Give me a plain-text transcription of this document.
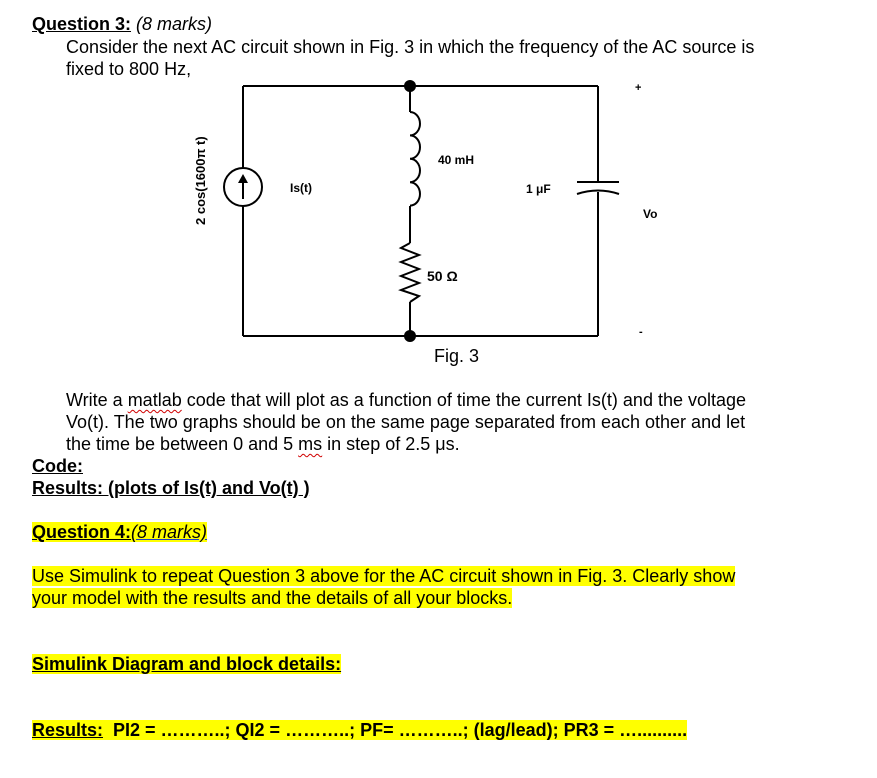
Question 3: (8 marks)
Consider the next AC circuit shown in Fig. 3 in which the frequency of the AC source is
fixed to 800 Hz,
2 cos(1600π t)	Is(t)
40 mH
50 Ω
1 μF
Vo
+
-
Fig. 3
Write a matlab code that will plot as a function of time the current Is(t) and the voltage
Vo(t). The two graphs should be on the same page separated from each other and let
the time be between 0 and 5 ms in step of 2.5 μs.
Code:
Results: (plots of Is(t) and Vo(t) )
Question 4:(8 marks)
Use Simulink to repeat Question 3 above for the AC circuit shown in Fig. 3. Clearly show
your model with the results and the details of all your blocks.
Simulink Diagram and block details:
Results:  PI2 = ………..; QI2 = ………..; PF= ………..; (lag/lead); PR3 = …..........
